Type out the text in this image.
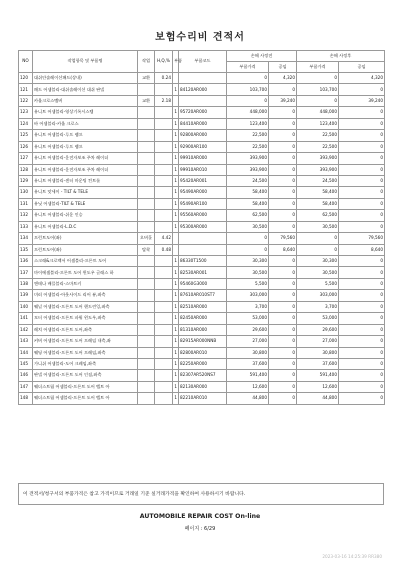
보험수리비 견적서
NO	작업항목 및 부품명	작업	H,Q,%	부품	부품코드	손해 사정전		손해 사정후	
						부품가격	공임	부품가격	공임
120	대쉬안솔레이션패드(상내)	교환	0.24			0	4,320	0	4,320
121	패드 어셈블리-대쉬솔레이션 대쉬 판넬			1	84120AR000	103,700	0	103,700	0
122	카울크로스멤버	교환	2.18			0	39,240	0	39,240
123	유니트 어셈블리-영상기록시스템			1	95720AR000	448,000	0	448,000	0
124	바 어셈블리-카울 크로스			1	84410AR000	123,400	0	123,400	0
125	유니트 어셈블리-루프 램프			1	92800AR000	22,500	0	22,500	0
126	유니트 어셈블리-루프 램프			1	92900AR100	22,500	0	22,500	0
127	유니트 어셈블리-운전자보조 주차 레이더			1	99910AR000	393,900	0	393,900	0
128	유니트 어셈블리-운전자보조 주차 레이더			1	99910AR010	393,900	0	393,900	0
129	유니트 어셈블리-센터 마운팅 컨트롤			1	95420AR001	24,500	0	24,500	0
130	유니트 앗세이 - TILT & TELE			1	95490AR000	58,400	0	58,400	0
131	유닛 어셈블리-TILT & TELE			1	95490AR100	58,400	0	58,400	0
132	유니트 어셈블리-쉬운 인승			1	95560AR000	62,500	0	62,500	0
133	유니트 어셈블리-L.D.C			1	95300AR000	30,500	0	30,500	0
134	프런트도어(좌)	오버홀	4.42			0	79,560	0	79,560
135	프런트도어(좌)	탈착	0.48			0	8,640	0	8,640
136	스크래&크로맥서 어셈블리-프론트 도어			1	86330T1500	30,300	0	30,300	0
137	마이에셈블리-프론트 도어 윈도우 글래스 하			1	82530AR001	30,500	0	30,500	0
138	앤테나 배플블리-스마트키			1	95460G3000	5,500	0	5,500	0
139	미러 어셈블리-아웃사이드 리어 뷰,좌측			1	87610AR010ST7	303,000	0	303,000	0
140	웨널 어셈블리-프론트 도어 핸드린잉,좌측			1	82510AR000	3,700	0	3,700	0
141	모터 어셈블리-프론트 파워 윈도우,좌측			1	82450AR000	53,000	0	53,000	0
142	레치 어셈블리-프론트 도어,좌측			1	81310AR000	29,600	0	29,600	0
143	커버 어셈블리-프론트 도어 프레임 내측,좌			1	82915AR000NNB	27,000	0	27,000	0
144	웨딩 어셈블리-프론트 도어 프레임,좌측			1	82800AR010	30,800	0	30,800	0
145	가니쉬 어셈블리-도어 크레임,좌측			1	82250AR000	37,600	0	37,600	0
146	판넬 어셈블리-프론트 도어 인점,좌측			1	82307AR520NS7	591,400	0	591,400	0
147	웨더스트립 어셈블리-프론트 도어 벨트 아			1	82130AR000	12,600	0	12,600	0
148	웨더스트립 어셈블리-프론트 도어 벨트 아			1	82210AR010	44,800	0	44,800	0
이 견적서/청구서의 부품가격은 참고 가격이므로 거래일 기준 실거래가격을 확인하여 사용하시기 바랍니다.
AUTOMOBILE REPAIR COST On-line
페이지 : 6/29
2023-03-16 14:25:39 RR380
